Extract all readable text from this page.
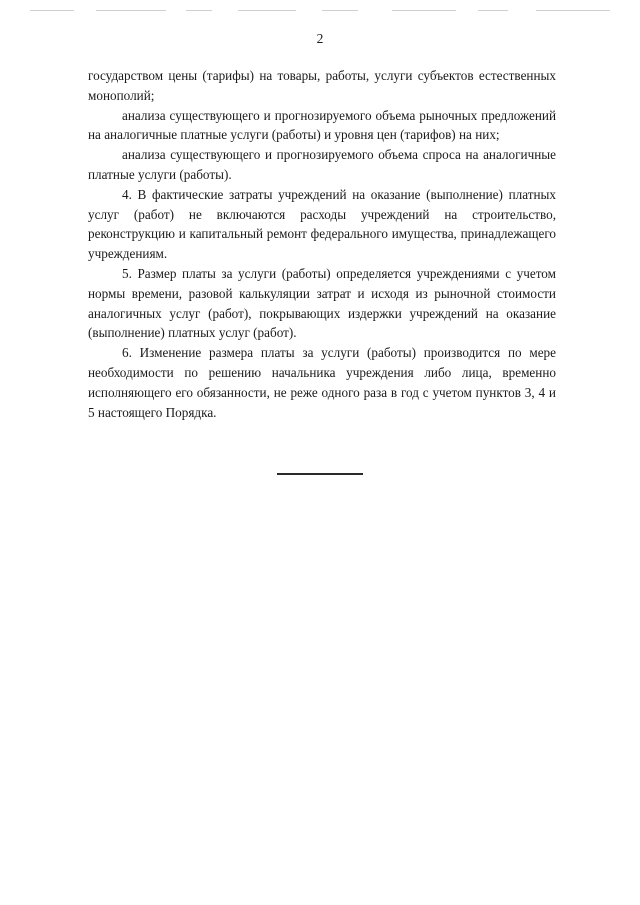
2

государством цены (тарифы) на товары, работы, услуги субъектов естественных монополий;

анализа существующего и прогнозируемого объема рыночных предложений на аналогичные платные услуги (работы) и уровня цен (тарифов) на них;

анализа существующего и прогнозируемого объема спроса на аналогичные платные услуги (работы).

4. В фактические затраты учреждений на оказание (выполнение) платных услуг (работ) не включаются расходы учреждений на строительство, реконструкцию и капитальный ремонт федерального имущества, принадлежащего учреждениям.

5. Размер платы за услуги (работы) определяется учреждениями с учетом нормы времени, разовой калькуляции затрат и исходя из рыночной стоимости аналогичных услуг (работ), покрывающих издержки учреждений на оказание (выполнение) платных услуг (работ).

6. Изменение размера платы за услуги (работы) производится по мере необходимости по решению начальника учреждения либо лица, временно исполняющего его обязанности, не реже одного раза в год с учетом пунктов 3, 4 и 5 настоящего Порядка.
